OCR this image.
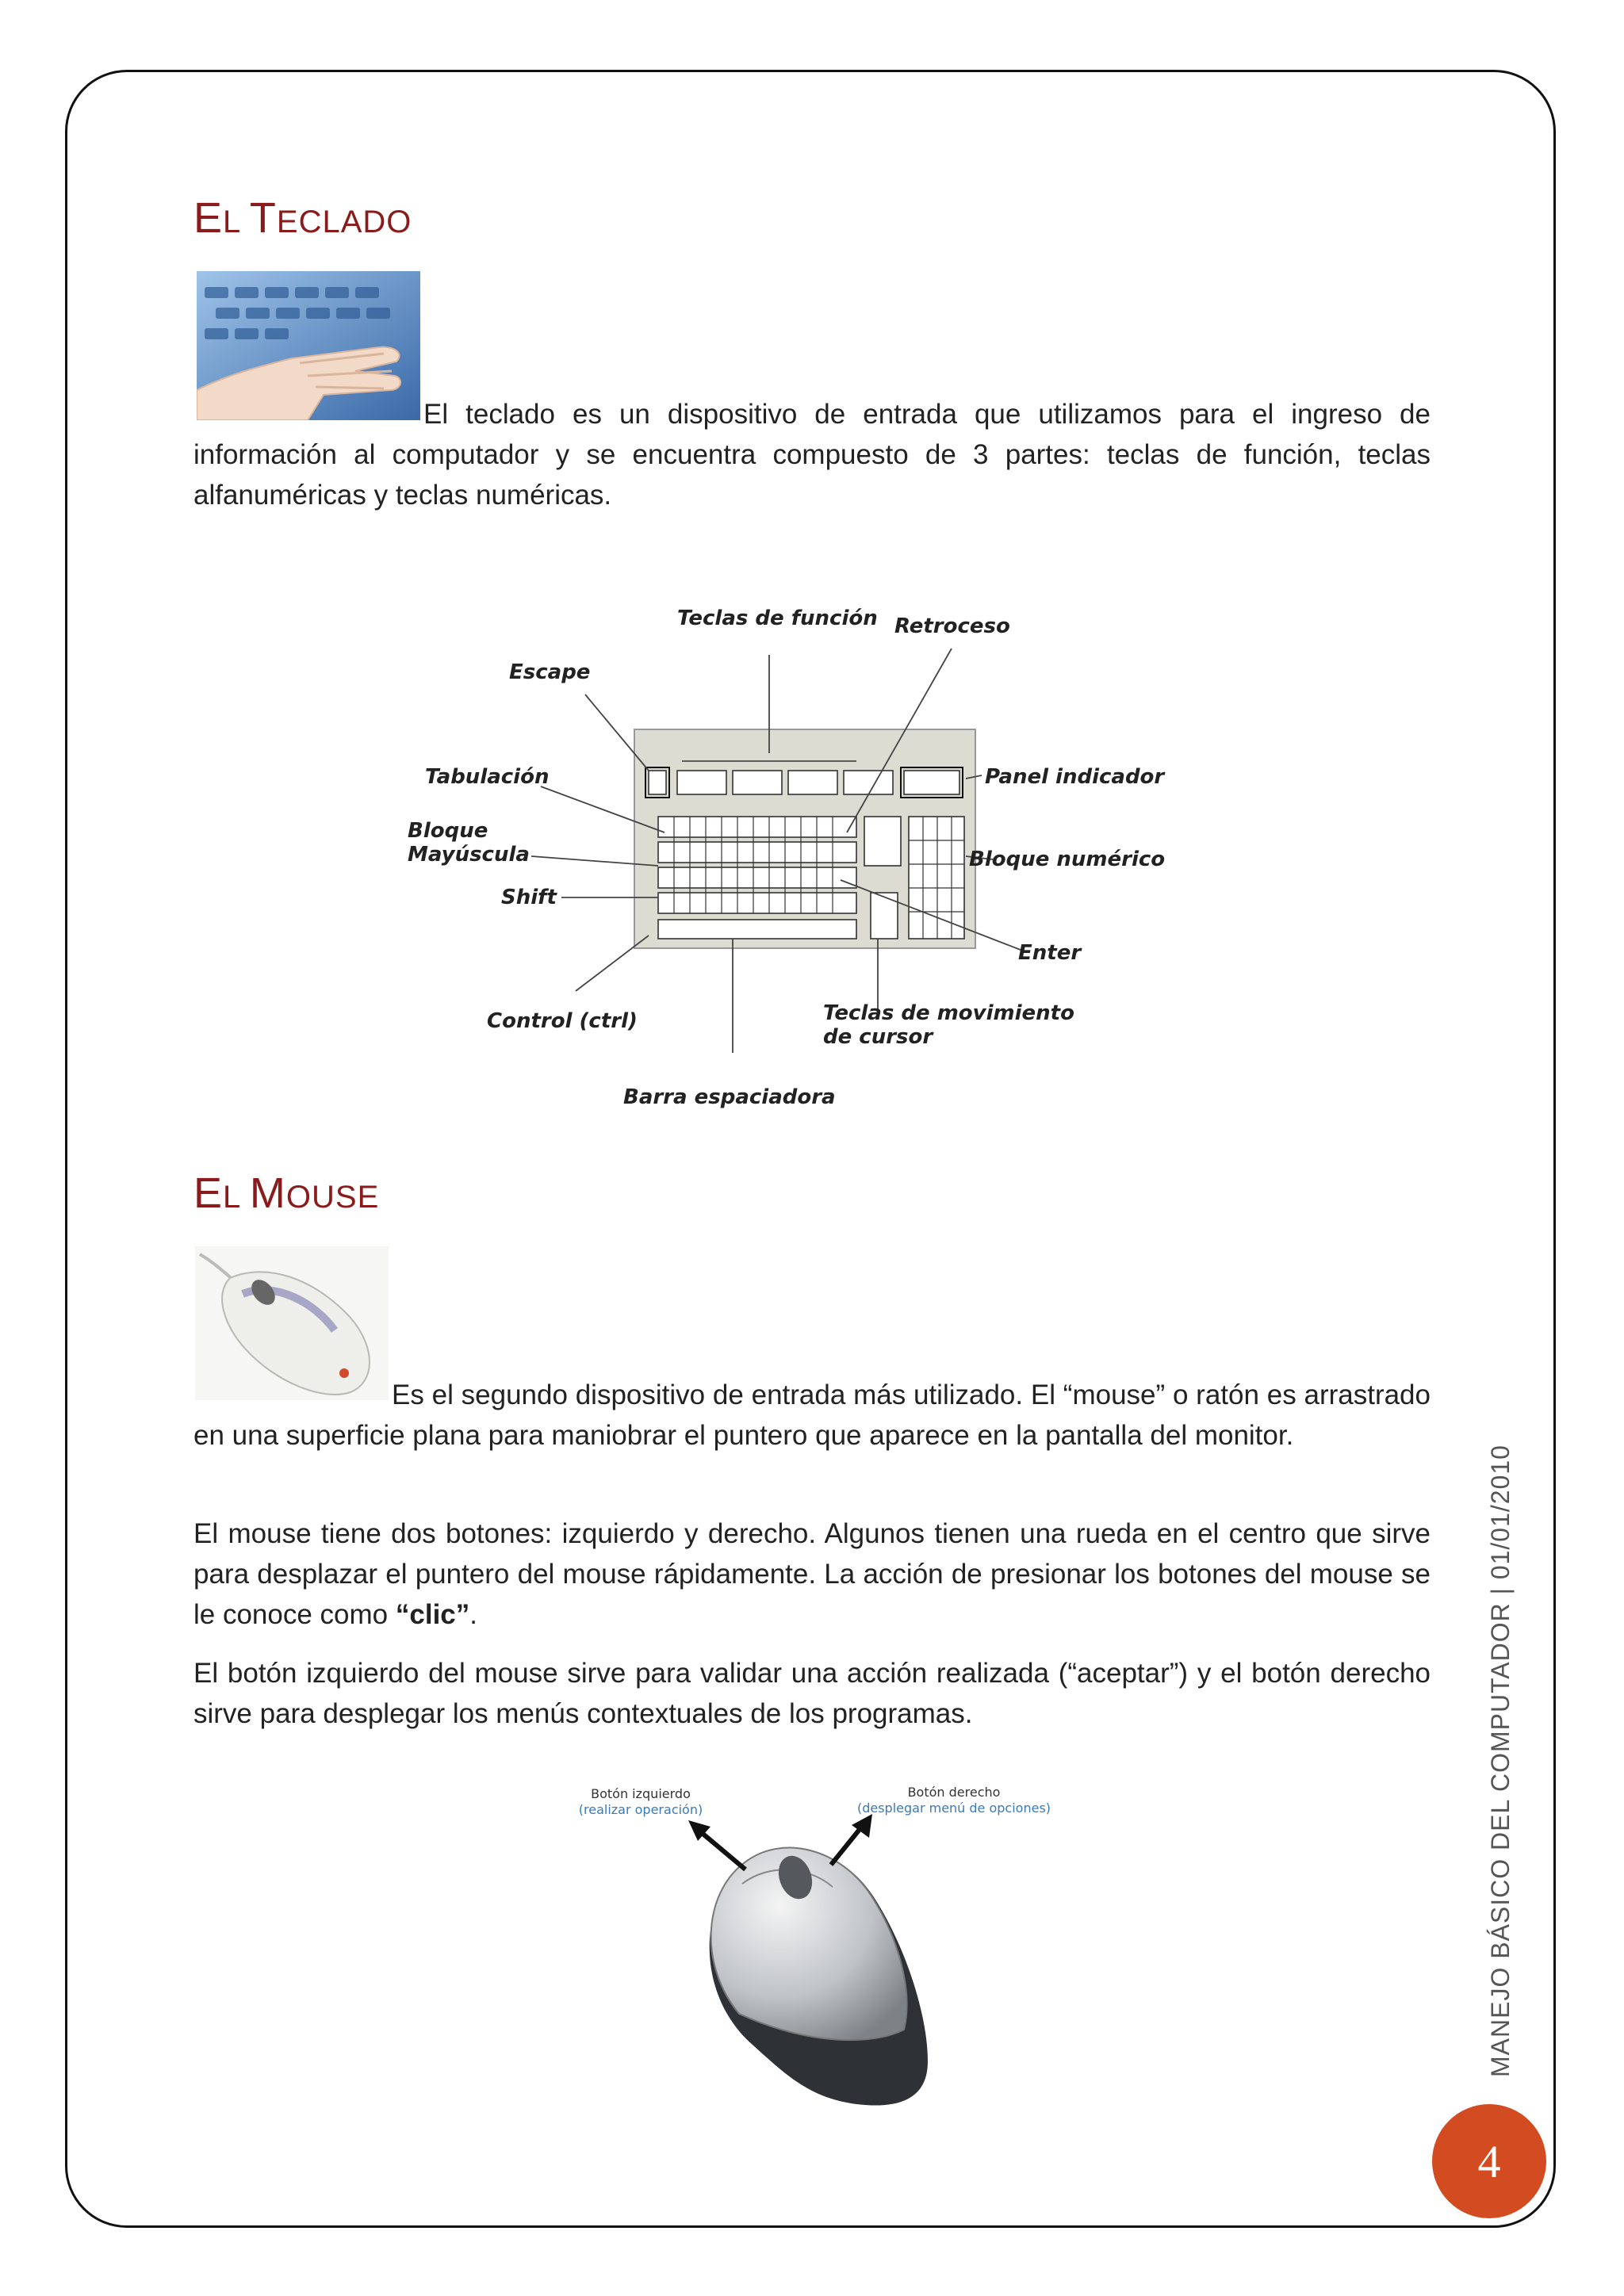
EL TECLADO

El teclado es un dispositivo de entrada que utilizamos para el ingreso de información al computador y se encuentra compuesto de 3 partes: teclas de función, teclas alfanuméricas y teclas numéricas.

Teclas de función Retroceso
Escape
Tabulación	Panel indicador
Bloque
Mayúscula	Bloque numérico
Shift
Enter
Control (ctrl)	Teclas de movimiento
de cursor
Barra espaciadora
EL MOUSE

Es el segundo dispositivo de entrada más utilizado. El “mouse” o ratón es arrastrado en una superficie plana para maniobrar el puntero que aparece en la pantalla del monitor.

El mouse tiene dos botones: izquierdo y derecho. Algunos tienen una rueda en el centro que sirve para desplazar el puntero del mouse rápidamente. La acción de presionar los botones del mouse se le conoce como “clic”.

El botón izquierdo del mouse sirve para validar una acción realizada (“aceptar”) y el botón derecho sirve para desplegar los menús contextuales de los programas.

Botón izquierdo
(realizar operación)
Botón derecho
(desplegar menú de opciones)	MANEJO BÁSICO DEL COMPUTADOR | 01/01/2010
4
